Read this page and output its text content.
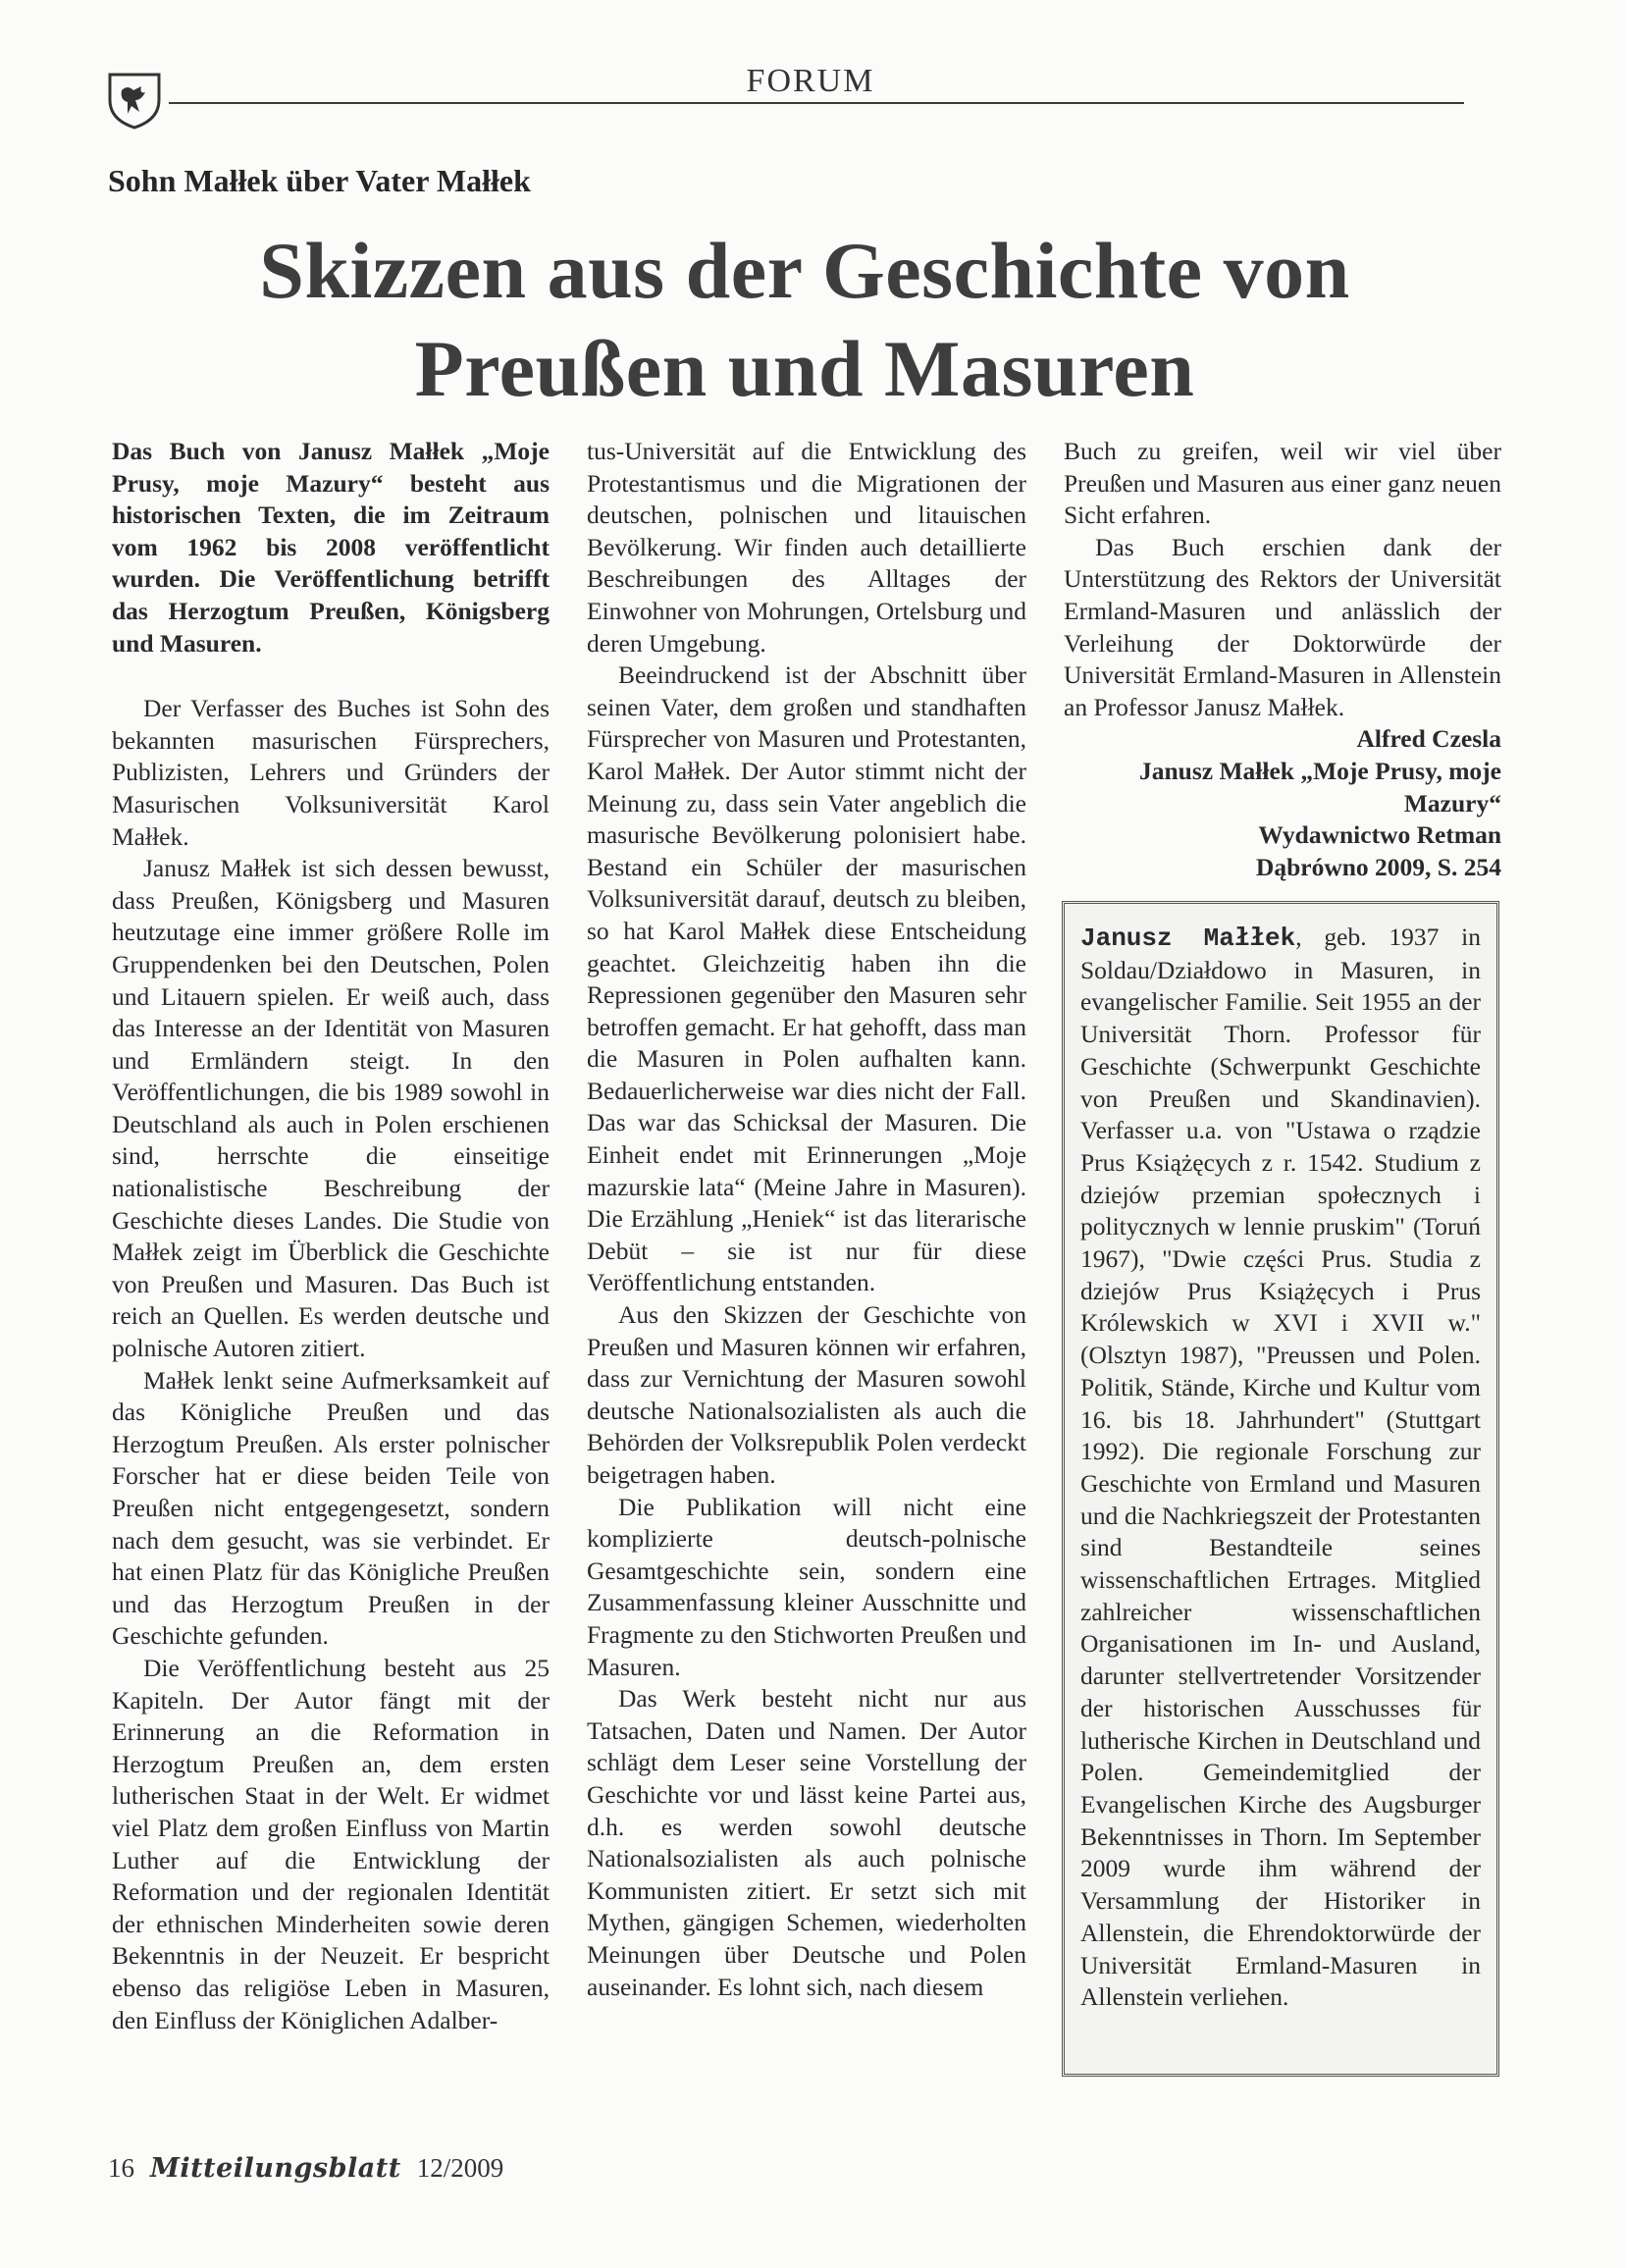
FORUM
Sohn Małłek über Vater Małłek
Skizzen aus der Geschichte von
Preußen und Masuren

Das Buch von Janusz Małłek „Moje Prusy, moje Mazury“ besteht aus historischen Texten, die im Zeitraum vom 1962 bis 2008 veröffentlicht wurden. Die Veröffentlichung betrifft das Herzogtum Preußen, Königsberg und Masuren.

Der Verfasser des Buches ist Sohn des bekannten masurischen Fürsprechers, Publizisten, Lehrers und Gründers der Masurischen Volksuniversität Karol Małłek.

Janusz Małłek ist sich dessen bewusst, dass Preußen, Königsberg und Masuren heutzutage eine immer größere Rolle im Gruppendenken bei den Deutschen, Polen und Litauern spielen. Er weiß auch, dass das Interesse an der Identität von Masuren und Ermländern steigt. In den Veröffentlichungen, die bis 1989 sowohl in Deutschland als auch in Polen erschienen sind, herrschte die einseitige nationalistische Beschreibung der Geschichte dieses Landes. Die Studie von Małłek zeigt im Überblick die Geschichte von Preußen und Masuren. Das Buch ist reich an Quellen. Es werden deutsche und polnische Autoren zitiert.

Małłek lenkt seine Aufmerksamkeit auf das Königliche Preußen und das Herzogtum Preußen. Als erster polnischer Forscher hat er diese beiden Teile von Preußen nicht entgegengesetzt, sondern nach dem gesucht, was sie verbindet. Er hat einen Platz für das Königliche Preußen und das Herzogtum Preußen in der Geschichte gefunden.

Die Veröffentlichung besteht aus 25 Kapiteln. Der Autor fängt mit der Erinnerung an die Reformation in Herzogtum Preußen an, dem ersten lutherischen Staat in der Welt. Er widmet viel Platz dem großen Einfluss von Martin Luther auf die Entwicklung der Reformation und der regionalen Identität der ethnischen Minderheiten sowie deren Bekenntnis in der Neuzeit. Er bespricht ebenso das religiöse Leben in Masuren, den Einfluss der Königlichen Adalber-

tus-Universität auf die Entwicklung des Protestantismus und die Migrationen der deutschen, polnischen und litauischen Bevölkerung. Wir finden auch detaillierte Beschreibungen des Alltages der Einwohner von Mohrungen, Ortelsburg und deren Umgebung.

Beeindruckend ist der Abschnitt über seinen Vater, dem großen und standhaften Fürsprecher von Masuren und Protestanten, Karol Małłek. Der Autor stimmt nicht der Meinung zu, dass sein Vater angeblich die masurische Bevölkerung polonisiert habe. Bestand ein Schüler der masurischen Volksuniversität darauf, deutsch zu bleiben, so hat Karol Małłek diese Entscheidung geachtet. Gleichzeitig haben ihn die Repressionen gegenüber den Masuren sehr betroffen gemacht. Er hat gehofft, dass man die Masuren in Polen aufhalten kann. Bedauerlicherweise war dies nicht der Fall. Das war das Schicksal der Masuren. Die Einheit endet mit Erinnerungen „Moje mazurskie lata“ (Meine Jahre in Masuren). Die Erzählung „Heniek“ ist das literarische Debüt – sie ist nur für diese Veröffentlichung entstanden.

Aus den Skizzen der Geschichte von Preußen und Masuren können wir erfahren, dass zur Vernichtung der Masuren sowohl deutsche Nationalsozialisten als auch die Behörden der Volksrepublik Polen verdeckt beigetragen haben.

Die Publikation will nicht eine komplizierte deutsch-polnische Gesamtgeschichte sein, sondern eine Zusammenfassung kleiner Ausschnitte und Fragmente zu den Stichworten Preußen und Masuren.

Das Werk besteht nicht nur aus Tatsachen, Daten und Namen. Der Autor schlägt dem Leser seine Vorstellung der Geschichte vor und lässt keine Partei aus, d.h. es werden sowohl deutsche Nationalsozialisten als auch polnische Kommunisten zitiert. Er setzt sich mit Mythen, gängigen Schemen, wiederholten Meinungen über Deutsche und Polen auseinander. Es lohnt sich, nach diesem

Buch zu greifen, weil wir viel über Preußen und Masuren aus einer ganz neuen Sicht erfahren.

Das Buch erschien dank der Unterstützung des Rektors der Universität Ermland-Masuren und anlässlich der Verleihung der Doktorwürde der Universität Ermland-Masuren in Allenstein an Professor Janusz Małłek.

Alfred Czesla
Janusz Małłek „Moje Prusy, moje
Mazury“
Wydawnictwo Retman
Dąbrówno 2009, S. 254
Janusz Małłek, geb. 1937 in Soldau/Działdowo in Masuren, in evangelischer Familie. Seit 1955 an der Universität Thorn. Professor für Geschichte (Schwerpunkt Geschichte von Preußen und Skandinavien). Verfasser u.a. von "Ustawa o rządzie Prus Książęcych z r. 1542. Studium z dziejów przemian społecznych i politycznych w lennie pruskim" (Toruń 1967), "Dwie części Prus. Studia z dziejów Prus Książęcych i Prus Królewskich w XVI i XVII w." (Olsztyn 1987), "Preussen und Polen. Politik, Stände, Kirche und Kultur vom 16. bis 18. Jahrhundert" (Stuttgart 1992). Die regionale Forschung zur Geschichte von Ermland und Masuren und die Nachkriegszeit der Protestanten sind Bestandteile seines wissenschaftlichen Ertrages. Mitglied zahlreicher wissenschaftlichen Organisationen im In- und Ausland, darunter stellvertretender Vorsitzender der historischen Ausschusses für lutherische Kirchen in Deutschland und Polen. Gemeindemitglied der Evangelischen Kirche des Augsburger Bekenntnisses in Thorn. Im September 2009 wurde ihm während der Versammlung der Historiker in Allenstein, die Ehrendoktorwürde der Universität Ermland-Masuren in Allenstein verliehen.
16 Mitteilungsblatt 12/2009
